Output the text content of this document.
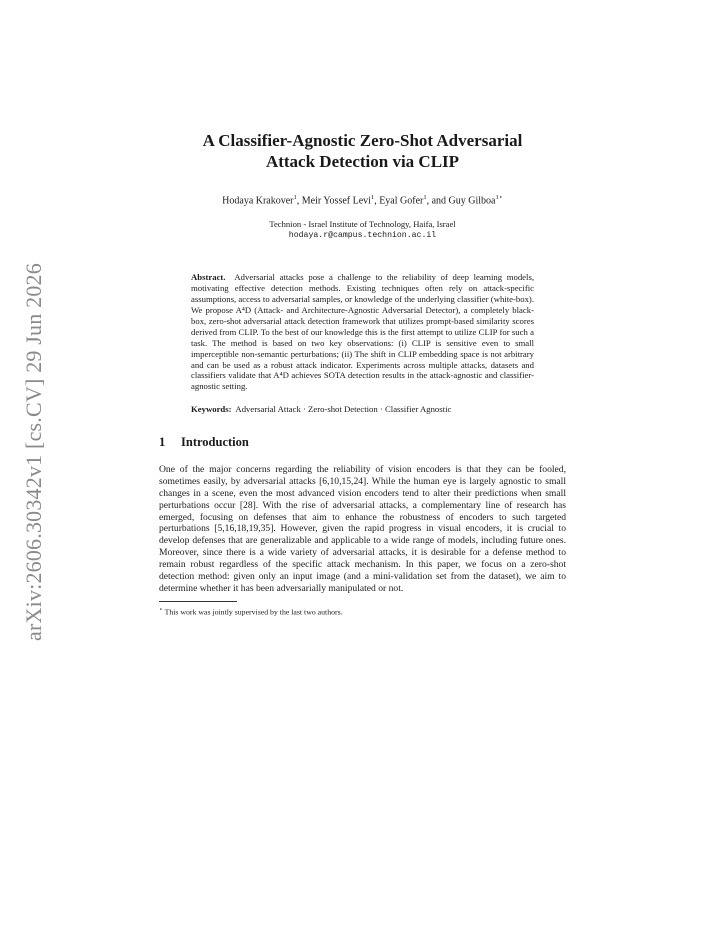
arXiv:2606.30342v1 [cs.CV] 29 Jun 2026
A Classifier-Agnostic Zero-Shot Adversarial
Attack Detection via CLIP
Hodaya Krakover$^1$, Meir Yossef Levi$^1$, Eyal Gofer$^1$, and Guy Gilboa$^{1⋆}$
Technion - Israel Institute of Technology, Haifa, Israel
hodaya.r@campus.technion.ac.il
Abstract. Adversarial attacks pose a challenge to the reliability of deep learning models, motivating effective detection methods. Existing techniques often rely on attack-specific assumptions, access to adversarial samples, or knowledge of the underlying classifier (white-box). We propose A⁴D (Attack- and Architecture-Agnostic Adversarial Detector), a completely black-box, zero-shot adversarial attack detection framework that utilizes prompt-based similarity scores derived from CLIP. To the best of our knowledge this is the first attempt to utilize CLIP for such a task. The method is based on two key observations: (i) CLIP is sensitive even to small imperceptible non-semantic perturbations; (ii) The shift in CLIP embedding space is not arbitrary and can be used as a robust attack indicator. Experiments across multiple attacks, datasets and classifiers validate that A⁴D achieves SOTA detection results in the attack-agnostic and classifier-agnostic setting.
Keywords: Adversarial Attack · Zero-shot Detection · Classifier Agnostic
1 Introduction
One of the major concerns regarding the reliability of vision encoders is that they can be fooled, sometimes easily, by adversarial attacks [6,10,15,24]. While the human eye is largely agnostic to small changes in a scene, even the most advanced vision encoders tend to alter their predictions when small perturbations occur [28]. With the rise of adversarial attacks, a complementary line of research has emerged, focusing on defenses that aim to enhance the robustness of encoders to such targeted perturbations [5,16,18,19,35]. However, given the rapid progress in visual encoders, it is crucial to develop defenses that are generalizable and applicable to a wide range of models, including future ones. Moreover, since there is a wide variety of adversarial attacks, it is desirable for a defense method to remain robust regardless of the specific attack mechanism. In this paper, we focus on a zero-shot detection method: given only an input image (and a mini-validation set from the dataset), we aim to determine whether it has been adversarially manipulated or not.
⋆ This work was jointly supervised by the last two authors.
